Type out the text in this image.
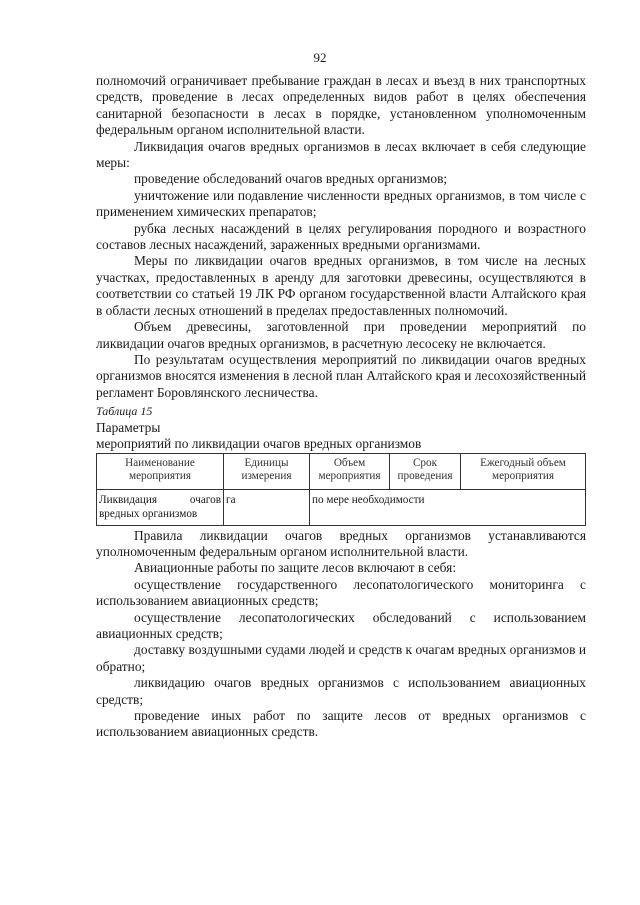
92

полномочий ограничивает пребывание граждан в лесах и въезд в них транспортных средств, проведение в лесах определенных видов работ в целях обеспечения санитарной безопасности в лесах в порядке, установленном уполномоченным федеральным органом исполнительной власти.

Ликвидация очагов вредных организмов в лесах включает в себя следующие меры:

проведение обследований очагов вредных организмов;

уничтожение или подавление численности вредных организмов, в том числе с применением химических препаратов;

рубка лесных насаждений в целях регулирования породного и возрастного составов лесных насаждений, зараженных вредными организмами.

Меры по ликвидации очагов вредных организмов, в том числе на лесных участках, предоставленных в аренду для заготовки древесины, осуществляются в соответствии со статьей 19 ЛК РФ органом государственной власти Алтайского края в области лесных отношений в пределах предоставленных полномочий.

Объем древесины, заготовленной при проведении мероприятий по ликвидации очагов вредных организмов, в расчетную лесосеку не включается.

По результатам осуществления мероприятий по ликвидации очагов вредных организмов вносятся изменения в лесной план Алтайского края и лесохозяйственный регламент Боровлянского лесничества.

Таблица 15

Параметры

мероприятий по ликвидации очагов вредных организмов

Наименование мероприятия	Единицы измерения	Объем мероприятия	Срок проведения	Ежегодный объем мероприятия
Ликвидация очагов вредных организмов	га	по мере необходимости		

Правила ликвидации очагов вредных организмов устанавливаются уполномоченным федеральным органом исполнительной власти.

Авиационные работы по защите лесов включают в себя:

осуществление государственного лесопатологического мониторинга с использованием авиационных средств;

осуществление лесопатологических обследований с использованием авиационных средств;

доставку воздушными судами людей и средств к очагам вредных организмов и обратно;

ликвидацию очагов вредных организмов с использованием авиационных средств;

проведение иных работ по защите лесов от вредных организмов с использованием авиационных средств.
